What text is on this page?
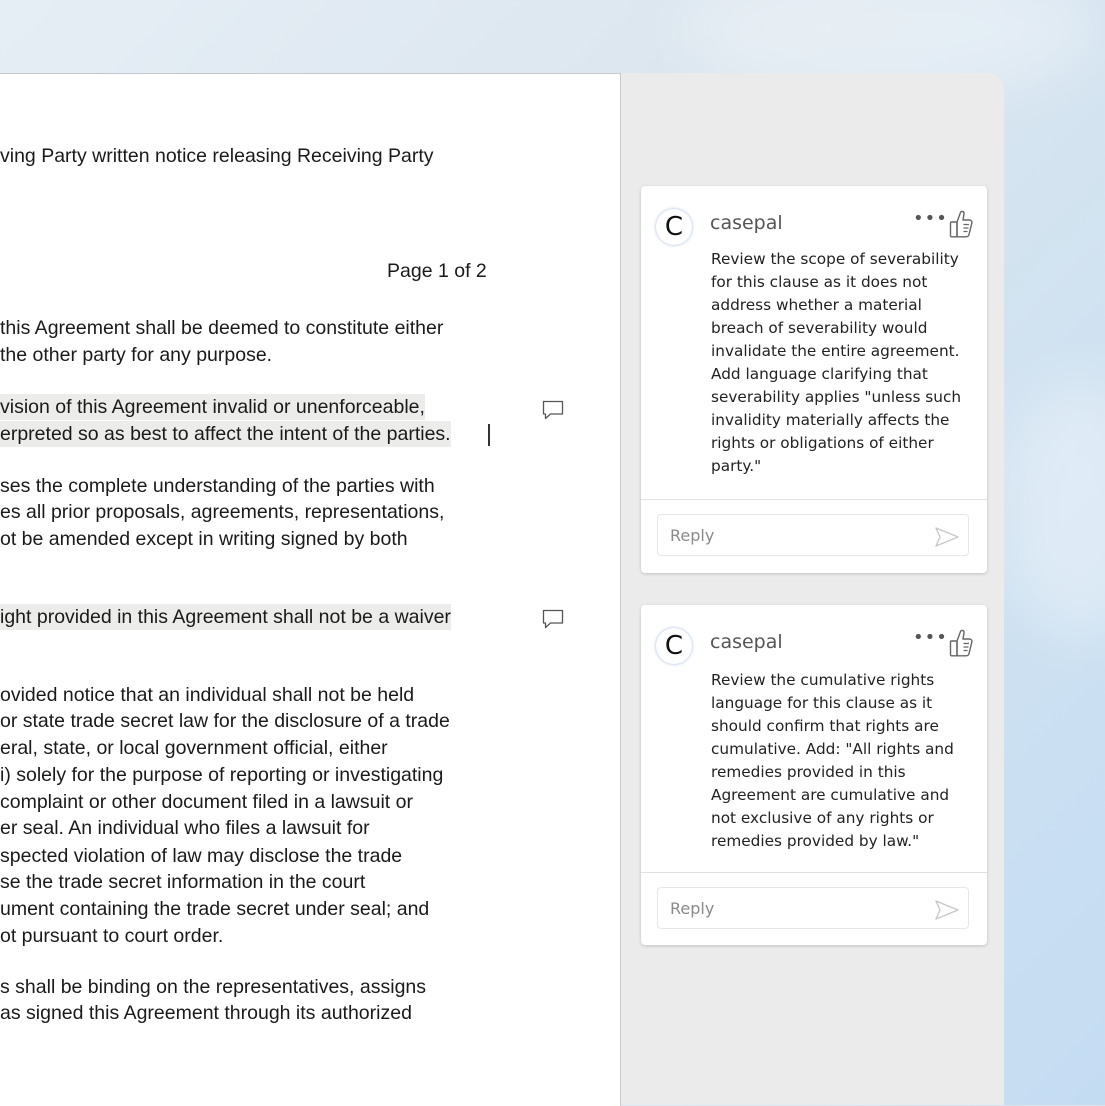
ving Party written notice releasing Receiving Party
Page 1 of 2
this Agreement shall be deemed to constitute either
the other party for any purpose.
vision of this Agreement invalid or unenforceable,
erpreted so as best to affect the intent of the parties.
ses the complete understanding of the parties with
es all prior proposals, agreements, representations,
ot be amended except in writing signed by both
ight provided in this Agreement shall not be a waiver
ovided notice that an individual shall not be held
or state trade secret law for the disclosure of a trade
eral, state, or local government official, either
i) solely for the purpose of reporting or investigating
complaint or other document filed in a lawsuit or
er seal. An individual who files a lawsuit for
spected violation of law may disclose the trade
se the trade secret information in the court
ument containing the trade secret under seal; and
ot pursuant to court order.
s shall be binding on the representatives, assigns
as signed this Agreement through its authorized
C	casepal	•••
Review the scope of severability for this clause as it does not address whether a material breach of severability would invalidate the entire agreement. Add language clarifying that severability applies "unless such invalidity materially affects the rights or obligations of either party."
Reply
C	casepal	•••
Review the cumulative rights language for this clause as it should confirm that rights are cumulative. Add: "All rights and remedies provided in this Agreement are cumulative and not exclusive of any rights or remedies provided by law."
Reply
